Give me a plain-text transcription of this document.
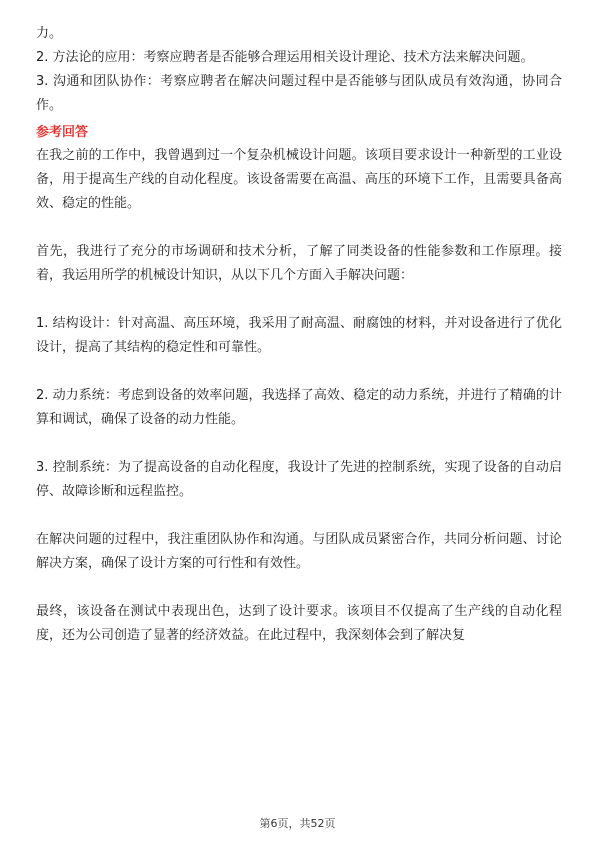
力。

2. 方法论的应用：考察应聘者是否能够合理运用相关设计理论、技术方法来解决问题。

3. 沟通和团队协作：考察应聘者在解决问题过程中是否能够与团队成员有效沟通，协同合作。

参考回答

在我之前的工作中，我曾遇到过一个复杂机械设计问题。该项目要求设计一种新型的工业设备，用于提高生产线的自动化程度。该设备需要在高温、高压的环境下工作，且需要具备高效、稳定的性能。

首先，我进行了充分的市场调研和技术分析，了解了同类设备的性能参数和工作原理。接着，我运用所学的机械设计知识，从以下几个方面入手解决问题：

1. 结构设计：针对高温、高压环境，我采用了耐高温、耐腐蚀的材料，并对设备进行了优化设计，提高了其结构的稳定性和可靠性。

2. 动力系统：考虑到设备的效率问题，我选择了高效、稳定的动力系统，并进行了精确的计算和调试，确保了设备的动力性能。

3. 控制系统：为了提高设备的自动化程度，我设计了先进的控制系统，实现了设备的自动启停、故障诊断和远程监控。

在解决问题的过程中，我注重团队协作和沟通。与团队成员紧密合作，共同分析问题、讨论解决方案，确保了设计方案的可行性和有效性。

最终，该设备在测试中表现出色，达到了设计要求。该项目不仅提高了生产线的自动化程度，还为公司创造了显著的经济效益。在此过程中，我深刻体会到了解决复

第6页，共52页
